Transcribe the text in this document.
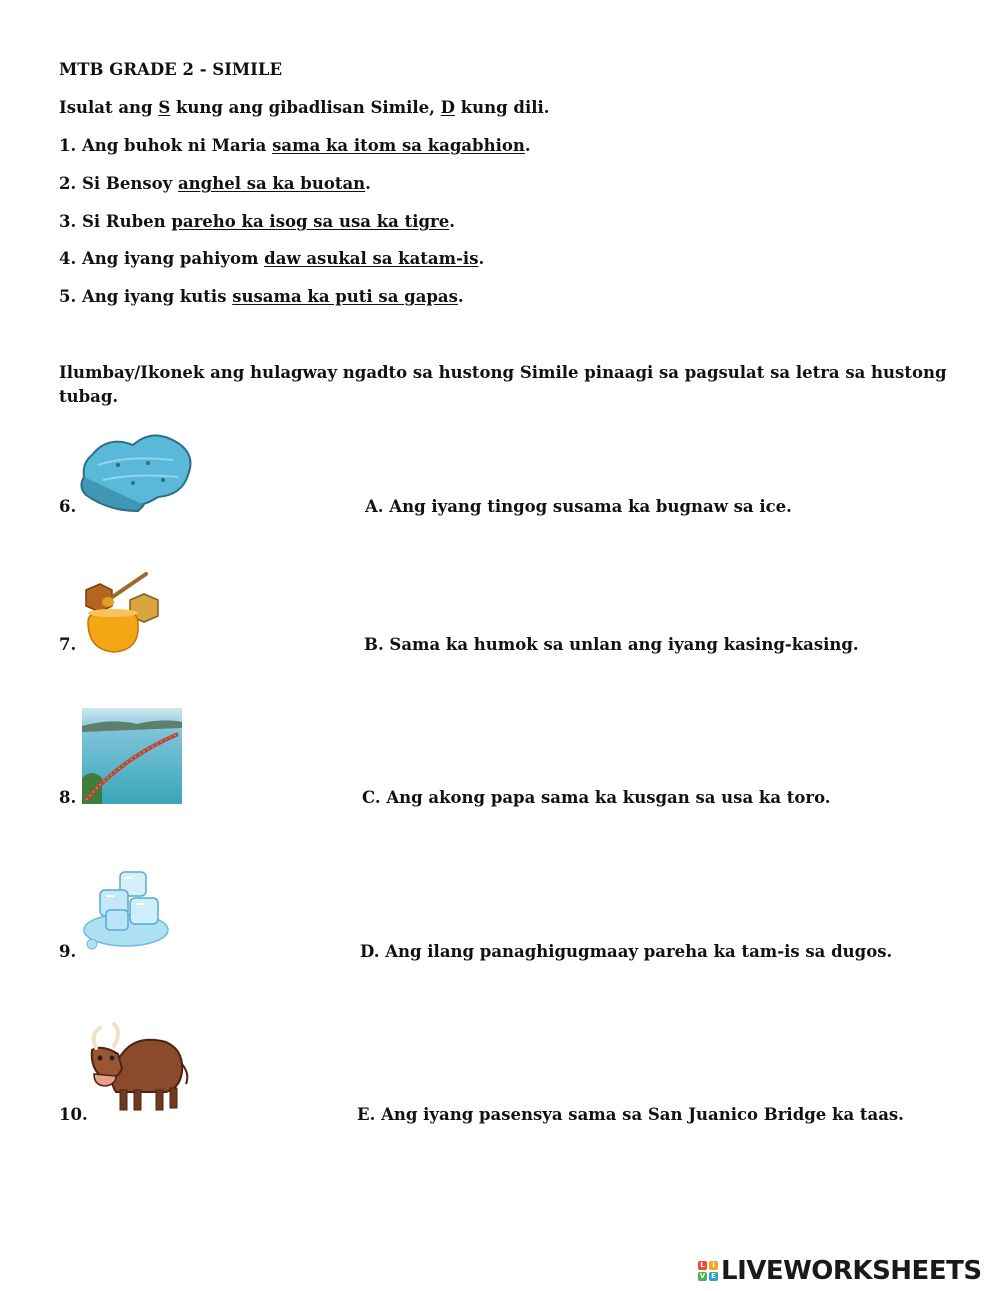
MTB GRADE 2 - SIMILE
Isulat ang S kung ang gibadlisan Simile, D kung dili.
1. Ang buhok ni Maria sama ka itom sa kagabhion.
2. Si Bensoy anghel sa ka buotan.
3. Si Ruben pareho ka isog sa usa ka tigre.
4. Ang iyang pahiyom daw asukal sa katam-is.
5. Ang iyang kutis susama ka puti sa gapas.
Ilumbay/Ikonek ang hulagway ngadto sa hustong Simile pinaagi sa pagsulat sa letra sa hustong
tubag.
6.	A. Ang iyang tingog susama ka bugnaw sa ice.
7.	B. Sama ka humok sa unlan ang iyang kasing-kasing.
8.	C. Ang akong papa sama ka kusgan sa usa ka toro.
9.	D. Ang ilang panaghigugmaay pareha ka tam-is sa dugos.
10.	E. Ang iyang pasensya sama sa San Juanico Bridge ka taas.
L	I
V E LIVEWORKSHEETS
